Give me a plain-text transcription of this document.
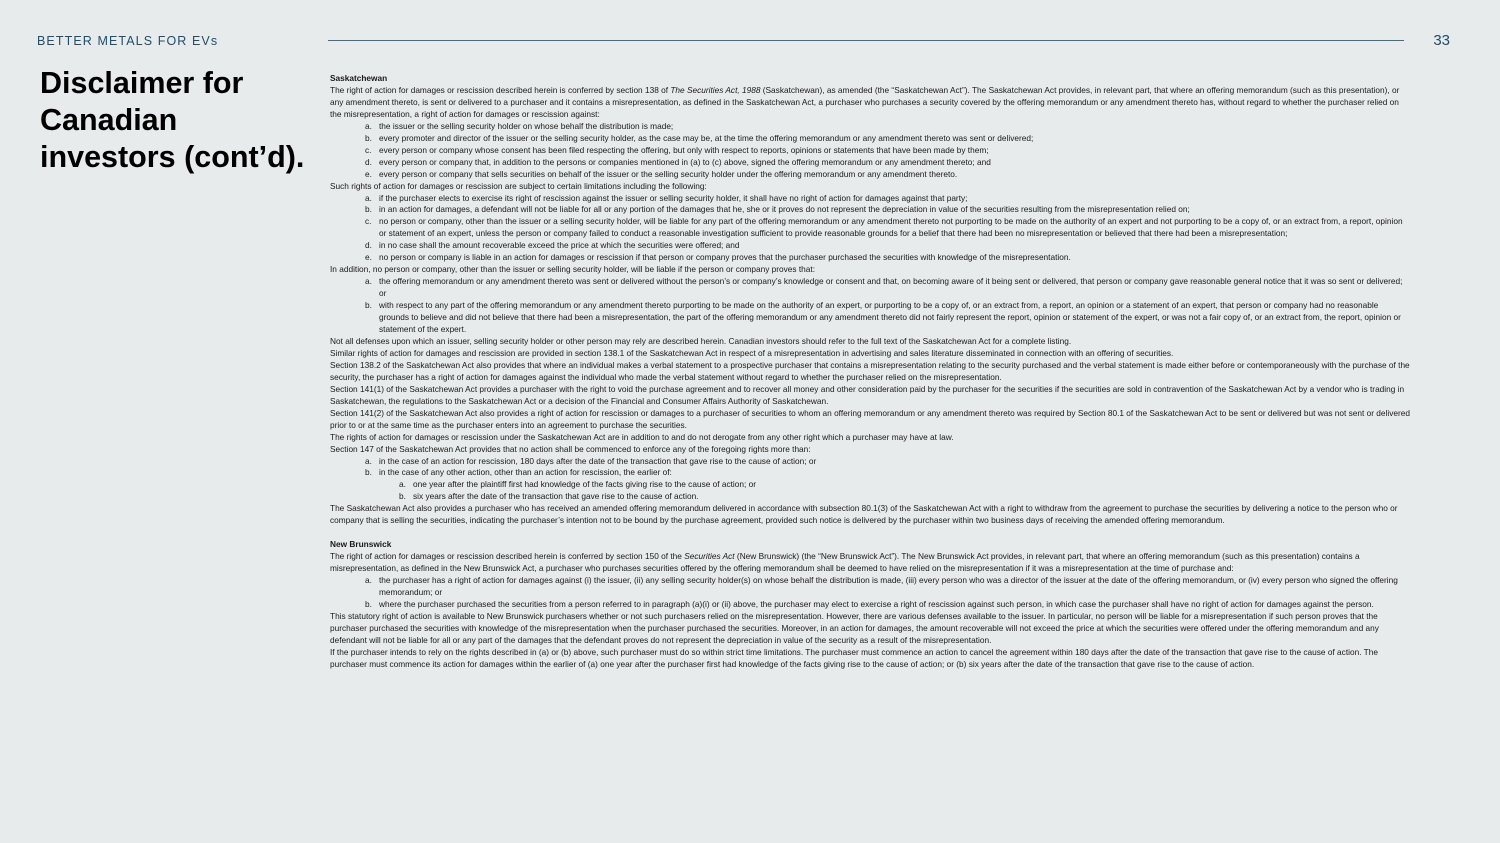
BETTER METALS FOR EVs	33
Disclaimer for Canadian investors (cont’d).

Saskatchewan

The right of action for damages or rescission described herein is conferred by section 138 of The Securities Act, 1988 (Saskatchewan), as amended (the “Saskatchewan Act”). The Saskatchewan Act provides, in relevant part, that where an offering memorandum (such as this presentation), or any amendment thereto, is sent or delivered to a purchaser and it contains a misrepresentation, as defined in the Saskatchewan Act, a purchaser who purchases a security covered by the offering memorandum or any amendment thereto has, without regard to whether the purchaser relied on the misrepresentation, a right of action for damages or rescission against:

a. the issuer or the selling security holder on whose behalf the distribution is made;
b. every promoter and director of the issuer or the selling security holder, as the case may be, at the time the offering memorandum or any amendment thereto was sent or delivered;
c. every person or company whose consent has been filed respecting the offering, but only with respect to reports, opinions or statements that have been made by them;
d. every person or company that, in addition to the persons or companies mentioned in (a) to (c) above, signed the offering memorandum or any amendment thereto; and
e. every person or company that sells securities on behalf of the issuer or the selling security holder under the offering memorandum or any amendment thereto.

Such rights of action for damages or rescission are subject to certain limitations including the following:

a. if the purchaser elects to exercise its right of rescission against the issuer or selling security holder, it shall have no right of action for damages against that party;
b. in an action for damages, a defendant will not be liable for all or any portion of the damages that he, she or it proves do not represent the depreciation in value of the securities resulting from the misrepresentation relied on;
c. no person or company, other than the issuer or a selling security holder, will be liable for any part of the offering memorandum or any amendment thereto not purporting to be made on the authority of an expert and not purporting to be a copy of, or an extract from, a report, opinion or statement of an expert, unless the person or company failed to conduct a reasonable investigation sufficient to provide reasonable grounds for a belief that there had been no misrepresentation or believed that there had been a misrepresentation;
d. in no case shall the amount recoverable exceed the price at which the securities were offered; and
e. no person or company is liable in an action for damages or rescission if that person or company proves that the purchaser purchased the securities with knowledge of the misrepresentation.

In addition, no person or company, other than the issuer or selling security holder, will be liable if the person or company proves that:

a. the offering memorandum or any amendment thereto was sent or delivered without the person’s or company’s knowledge or consent and that, on becoming aware of it being sent or delivered, that person or company gave reasonable general notice that it was so sent or delivered; or
b. with respect to any part of the offering memorandum or any amendment thereto purporting to be made on the authority of an expert, or purporting to be a copy of, or an extract from, a report, an opinion or a statement of an expert, that person or company had no reasonable grounds to believe and did not believe that there had been a misrepresentation, the part of the offering memorandum or any amendment thereto did not fairly represent the report, opinion or statement of the expert, or was not a fair copy of, or an extract from, the report, opinion or statement of the expert.

Not all defenses upon which an issuer, selling security holder or other person may rely are described herein. Canadian investors should refer to the full text of the Saskatchewan Act for a complete listing.

Similar rights of action for damages and rescission are provided in section 138.1 of the Saskatchewan Act in respect of a misrepresentation in advertising and sales literature disseminated in connection with an offering of securities.

Section 138.2 of the Saskatchewan Act also provides that where an individual makes a verbal statement to a prospective purchaser that contains a misrepresentation relating to the security purchased and the verbal statement is made either before or contemporaneously with the purchase of the security, the purchaser has a right of action for damages against the individual who made the verbal statement without regard to whether the purchaser relied on the misrepresentation.

Section 141(1) of the Saskatchewan Act provides a purchaser with the right to void the purchase agreement and to recover all money and other consideration paid by the purchaser for the securities if the securities are sold in contravention of the Saskatchewan Act by a vendor who is trading in Saskatchewan, the regulations to the Saskatchewan Act or a decision of the Financial and Consumer Affairs Authority of Saskatchewan.

Section 141(2) of the Saskatchewan Act also provides a right of action for rescission or damages to a purchaser of securities to whom an offering memorandum or any amendment thereto was required by Section 80.1 of the Saskatchewan Act to be sent or delivered but was not sent or delivered prior to or at the same time as the purchaser enters into an agreement to purchase the securities.

The rights of action for damages or rescission under the Saskatchewan Act are in addition to and do not derogate from any other right which a purchaser may have at law.

Section 147 of the Saskatchewan Act provides that no action shall be commenced to enforce any of the foregoing rights more than:

a. in the case of an action for rescission, 180 days after the date of the transaction that gave rise to the cause of action; or
b. in the case of any other action, other than an action for rescission, the earlier of:
a. one year after the plaintiff first had knowledge of the facts giving rise to the cause of action; or
b. six years after the date of the transaction that gave rise to the cause of action.

The Saskatchewan Act also provides a purchaser who has received an amended offering memorandum delivered in accordance with subsection 80.1(3) of the Saskatchewan Act with a right to withdraw from the agreement to purchase the securities by delivering a notice to the person who or company that is selling the securities, indicating the purchaser’s intention not to be bound by the purchase agreement, provided such notice is delivered by the purchaser within two business days of receiving the amended offering memorandum.

New Brunswick

The right of action for damages or rescission described herein is conferred by section 150 of the Securities Act (New Brunswick) (the “New Brunswick Act”). The New Brunswick Act provides, in relevant part, that where an offering memorandum (such as this presentation) contains a misrepresentation, as defined in the New Brunswick Act, a purchaser who purchases securities offered by the offering memorandum shall be deemed to have relied on the misrepresentation if it was a misrepresentation at the time of purchase and:

a. the purchaser has a right of action for damages against (i) the issuer, (ii) any selling security holder(s) on whose behalf the distribution is made, (iii) every person who was a director of the issuer at the date of the offering memorandum, or (iv) every person who signed the offering memorandum; or
b. where the purchaser purchased the securities from a person referred to in paragraph (a)(i) or (ii) above, the purchaser may elect to exercise a right of rescission against such person, in which case the purchaser shall have no right of action for damages against the person.

This statutory right of action is available to New Brunswick purchasers whether or not such purchasers relied on the misrepresentation. However, there are various defenses available to the issuer. In particular, no person will be liable for a misrepresentation if such person proves that the purchaser purchased the securities with knowledge of the misrepresentation when the purchaser purchased the securities. Moreover, in an action for damages, the amount recoverable will not exceed the price at which the securities were offered under the offering memorandum and any defendant will not be liable for all or any part of the damages that the defendant proves do not represent the depreciation in value of the security as a result of the misrepresentation.

If the purchaser intends to rely on the rights described in (a) or (b) above, such purchaser must do so within strict time limitations. The purchaser must commence an action to cancel the agreement within 180 days after the date of the transaction that gave rise to the cause of action. The purchaser must commence its action for damages within the earlier of (a) one year after the purchaser first had knowledge of the facts giving rise to the cause of action; or (b) six years after the date of the transaction that gave rise to the cause of action.
